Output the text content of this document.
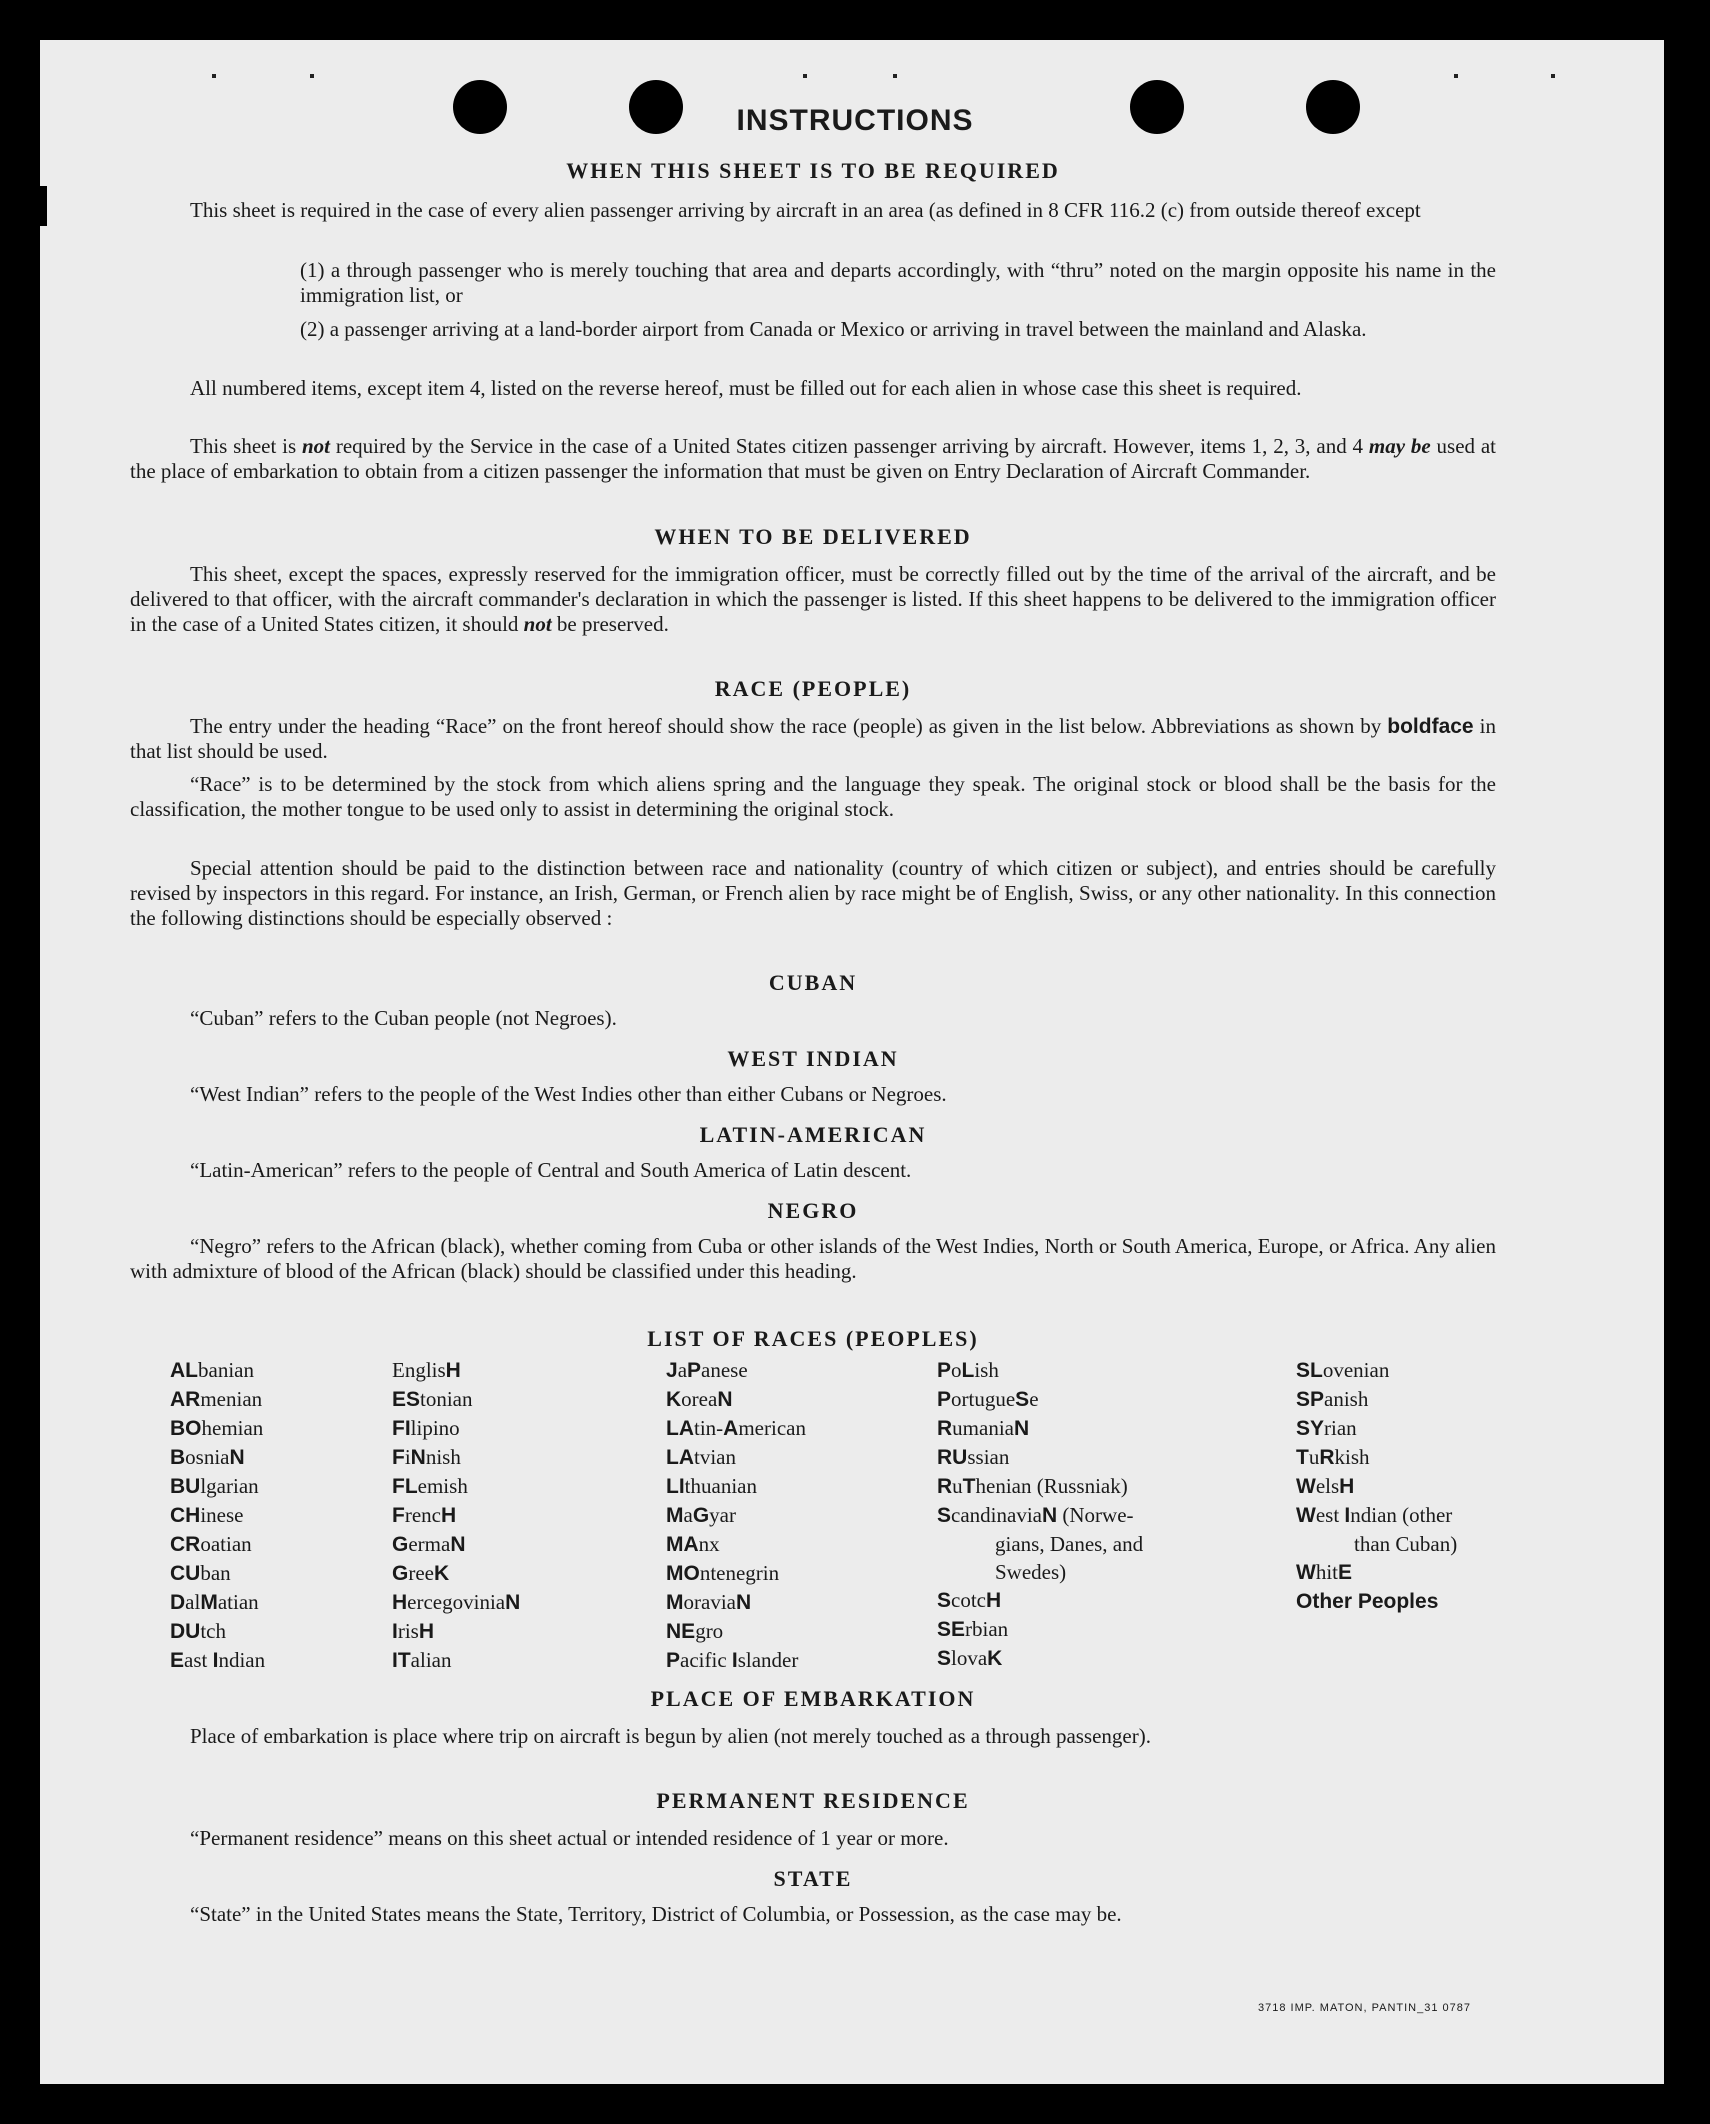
INSTRUCTIONS
WHEN THIS SHEET IS TO BE REQUIRED

This sheet is required in the case of every alien passenger arriving by aircraft in an area (as defined in 8 CFR 116.2 (c) from outside thereof except

(1) a through passenger who is merely touching that area and departs accordingly, with “thru” noted on the margin opposite his name in the immigration list, or

(2) a passenger arriving at a land-border airport from Canada or Mexico or arriving in travel between the mainland and Alaska.

All numbered items, except item 4, listed on the reverse hereof, must be filled out for each alien in whose case this sheet is required.

This sheet is not required by the Service in the case of a United States citizen passenger arriving by aircraft. However, items 1, 2, 3, and 4 may be used at the place of embarkation to obtain from a citizen passenger the information that must be given on Entry Declaration of Aircraft Commander.

WHEN TO BE DELIVERED

This sheet, except the spaces, expressly reserved for the immigration officer, must be correctly filled out by the time of the arrival of the aircraft, and be delivered to that officer, with the aircraft commander's declaration in which the passenger is listed. If this sheet happens to be delivered to the immigration officer in the case of a United States citizen, it should not be preserved.

RACE (PEOPLE)

The entry under the heading “Race” on the front hereof should show the race (people) as given in the list below. Abbreviations as shown by boldface in that list should be used.

“Race” is to be determined by the stock from which aliens spring and the language they speak. The original stock or blood shall be the basis for the classification, the mother tongue to be used only to assist in determining the original stock.

Special attention should be paid to the distinction between race and nationality (country of which citizen or subject), and entries should be carefully revised by inspectors in this regard. For instance, an Irish, German, or French alien by race might be of English, Swiss, or any other nationality. In this connection the following distinctions should be especially observed :

CUBAN

“Cuban” refers to the Cuban people (not Negroes).

WEST INDIAN

“West Indian” refers to the people of the West Indies other than either Cubans or Negroes.

LATIN-AMERICAN

“Latin-American” refers to the people of Central and South America of Latin descent.

NEGRO

“Negro” refers to the African (black), whether coming from Cuba or other islands of the West Indies, North or South America, Europe, or Africa. Any alien with admixture of blood of the African (black) should be classified under this heading.

LIST OF RACES (PEOPLES)
ALbanian
ARmenian
BOhemian
BosniaN
BUlgarian
CHinese
CRoatian
CUban
DalMatian
DUtch
East Indian
EnglisH
EStonian
FIlipino
FiNnish
FLemish
FrencH
GermaN
GreeK
HercegoviniaN
IrisH
ITalian
JaPanese
KoreaN
LAtin-American
LAtvian
LIthuanian
MaGyar
MAnx
MOntenegrin
MoraviaN
NEgro
Pacific Islander
PoLish
PortugueSe
RumaniaN
RUssian
RuThenian (Russniak)
ScandinaviaN (Norwe-
gians, Danes, and
Swedes)
ScotcH
SErbian
SlovaK
SLovenian
SPanish
SYrian
TuRkish
WelsH
West Indian (other
than Cuban)
WhitE
Other Peoples
PLACE OF EMBARKATION

Place of embarkation is place where trip on aircraft is begun by alien (not merely touched as a through passenger).

PERMANENT RESIDENCE

“Permanent residence” means on this sheet actual or intended residence of 1 year or more.

STATE

“State” in the United States means the State, Territory, District of Columbia, or Possession, as the case may be.

3718 IMP. MATON, PANTIN_31 0787
